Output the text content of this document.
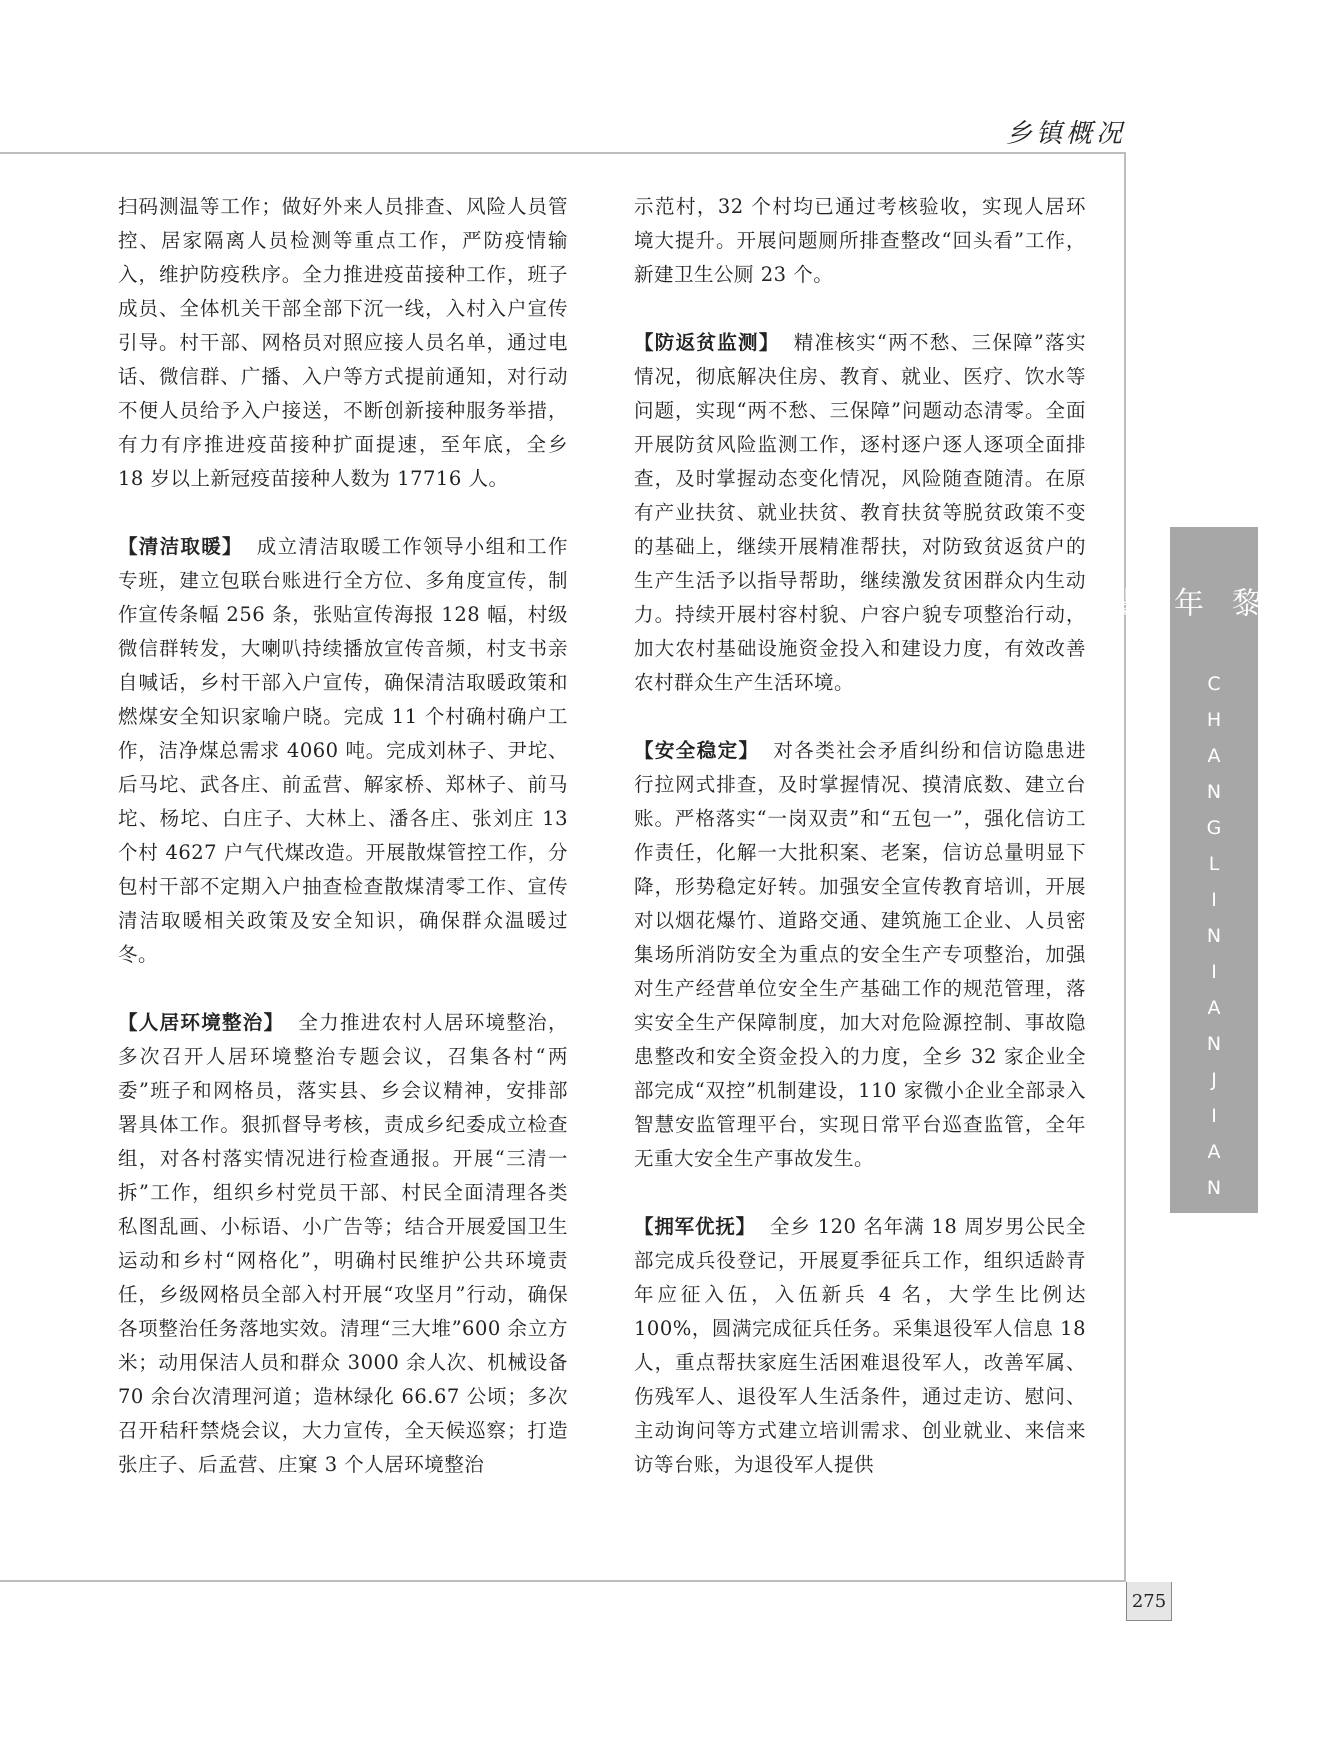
乡镇概况

扫码测温等工作；做好外来人员排查、风险人员管控、居家隔离人员检测等重点工作，严防疫情输入，维护防疫秩序。全力推进疫苗接种工作，班子成员、全体机关干部全部下沉一线，入村入户宣传引导。村干部、网格员对照应接人员名单，通过电话、微信群、广播、入户等方式提前通知，对行动不便人员给予入户接送，不断创新接种服务举措，有力有序推进疫苗接种扩面提速，至年底，全乡 18 岁以上新冠疫苗接种人数为 17716 人。

【清洁取暖】 成立清洁取暖工作领导小组和工作专班，建立包联台账进行全方位、多角度宣传，制作宣传条幅 256 条，张贴宣传海报 128 幅，村级微信群转发，大喇叭持续播放宣传音频，村支书亲自喊话，乡村干部入户宣传，确保清洁取暖政策和燃煤安全知识家喻户晓。完成 11 个村确村确户工作，洁净煤总需求 4060 吨。完成刘林子、尹坨、后马坨、武各庄、前孟营、解家桥、郑林子、前马坨、杨坨、白庄子、大林上、潘各庄、张刘庄 13 个村 4627 户气代煤改造。开展散煤管控工作，分包村干部不定期入户抽查检查散煤清零工作、宣传清洁取暖相关政策及安全知识，确保群众温暖过冬。

【人居环境整治】 全力推进农村人居环境整治，多次召开人居环境整治专题会议，召集各村“两委”班子和网格员，落实县、乡会议精神，安排部署具体工作。狠抓督导考核，责成乡纪委成立检查组，对各村落实情况进行检查通报。开展“三清一拆”工作，组织乡村党员干部、村民全面清理各类私图乱画、小标语、小广告等；结合开展爱国卫生运动和乡村“网格化”，明确村民维护公共环境责任，乡级网格员全部入村开展“攻坚月”行动，确保各项整治任务落地实效。清理“三大堆”600 余立方米；动用保洁人员和群众 3000 余人次、机械设备 70 余台次清理河道；造林绿化 66.67 公顷；多次召开秸秆禁烧会议，大力宣传，全天候巡察；打造张庄子、后孟营、庄窠 3 个人居环境整治

示范村，32 个村均已通过考核验收，实现人居环境大提升。开展问题厕所排查整改“回头看”工作，新建卫生公厕 23 个。

【防返贫监测】 精准核实“两不愁、三保障”落实情况，彻底解决住房、教育、就业、医疗、饮水等问题，实现“两不愁、三保障”问题动态清零。全面开展防贫风险监测工作，逐村逐户逐人逐项全面排查，及时掌握动态变化情况，风险随查随清。在原有产业扶贫、就业扶贫、教育扶贫等脱贫政策不变的基础上，继续开展精准帮扶，对防致贫返贫户的生产生活予以指导帮助，继续激发贫困群众内生动力。持续开展村容村貌、户容户貌专项整治行动，加大农村基础设施资金投入和建设力度，有效改善农村群众生产生活环境。

【安全稳定】 对各类社会矛盾纠纷和信访隐患进行拉网式排查，及时掌握情况、摸清底数、建立台账。严格落实“一岗双责”和“五包一”，强化信访工作责任，化解一大批积案、老案，信访总量明显下降，形势稳定好转。加强安全宣传教育培训，开展对以烟花爆竹、道路交通、建筑施工企业、人员密集场所消防安全为重点的安全生产专项整治，加强对生产经营单位安全生产基础工作的规范管理，落实安全生产保障制度，加大对危险源控制、事故隐患整改和安全资金投入的力度，全乡 32 家企业全部完成“双控”机制建设，110 家微小企业全部录入智慧安监管理平台，实现日常平台巡查监管，全年无重大安全生产事故发生。

【拥军优抚】 全乡 120 名年满 18 周岁男公民全部完成兵役登记，开展夏季征兵工作，组织适龄青年应征入伍，入伍新兵 4 名，大学生比例达 100%，圆满完成征兵任务。采集退役军人信息 18 人，重点帮扶家庭生活困难退役军人，改善军属、伤残军人、退役军人生活条件，通过走访、慰问、主动询问等方式建立培训需求、创业就业、来信来访等台账，为退役军人提供

昌黎年鉴
CHANGLINIANJIAN
275
